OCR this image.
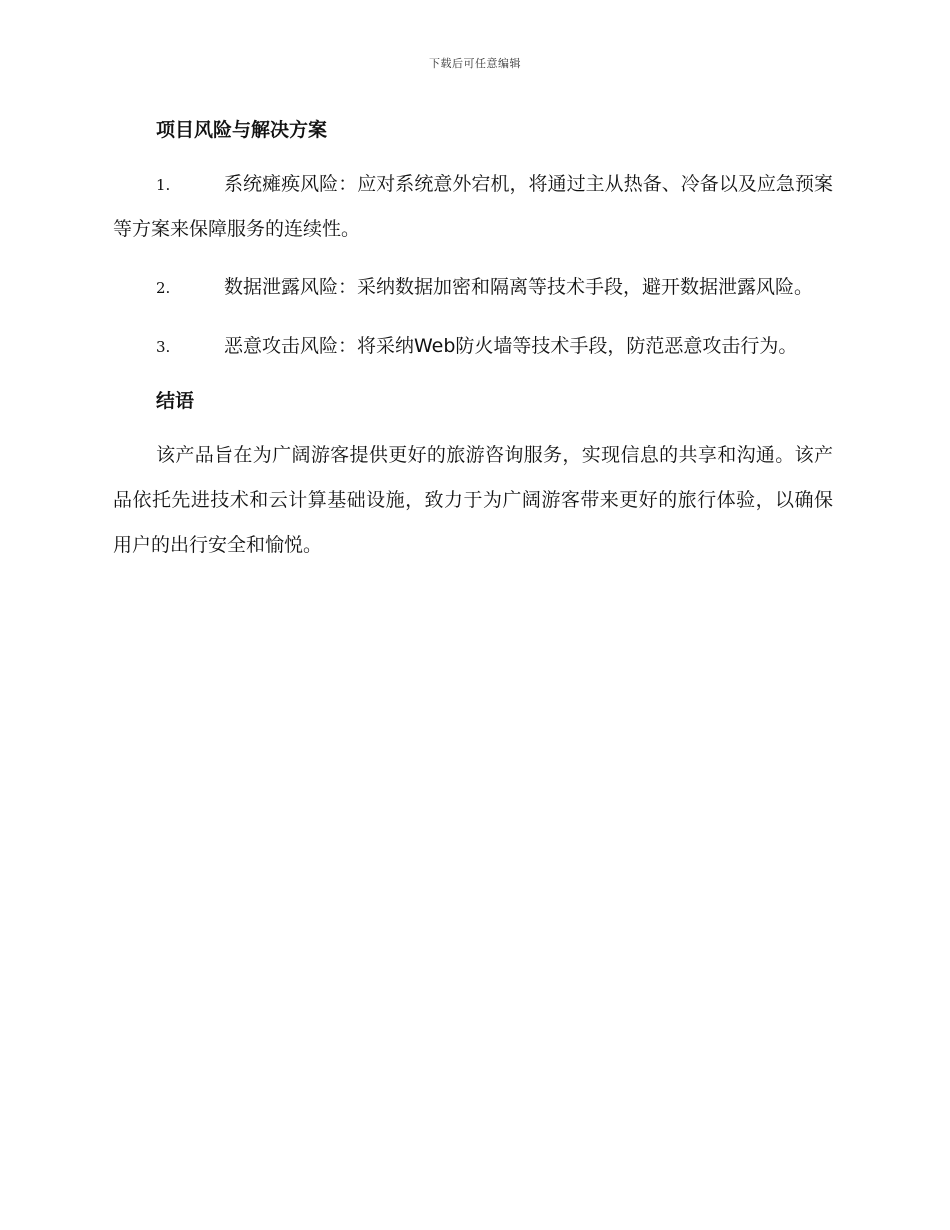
下载后可任意编辑
项目风险与解决方案
1.	系统瘫痪风险：应对系统意外宕机，将通过主从热备、冷备以及应急预案等方案来保障服务的连续性。
2.	数据泄露风险：采纳数据加密和隔离等技术手段，避开数据泄露风险。
3.	恶意攻击风险：将采纳Web防火墙等技术手段，防范恶意攻击行为。
结语

该产品旨在为广阔游客提供更好的旅游咨询服务，实现信息的共享和沟通。该产品依托先进技术和云计算基础设施，致力于为广阔游客带来更好的旅行体验，以确保用户的出行安全和愉悦。
